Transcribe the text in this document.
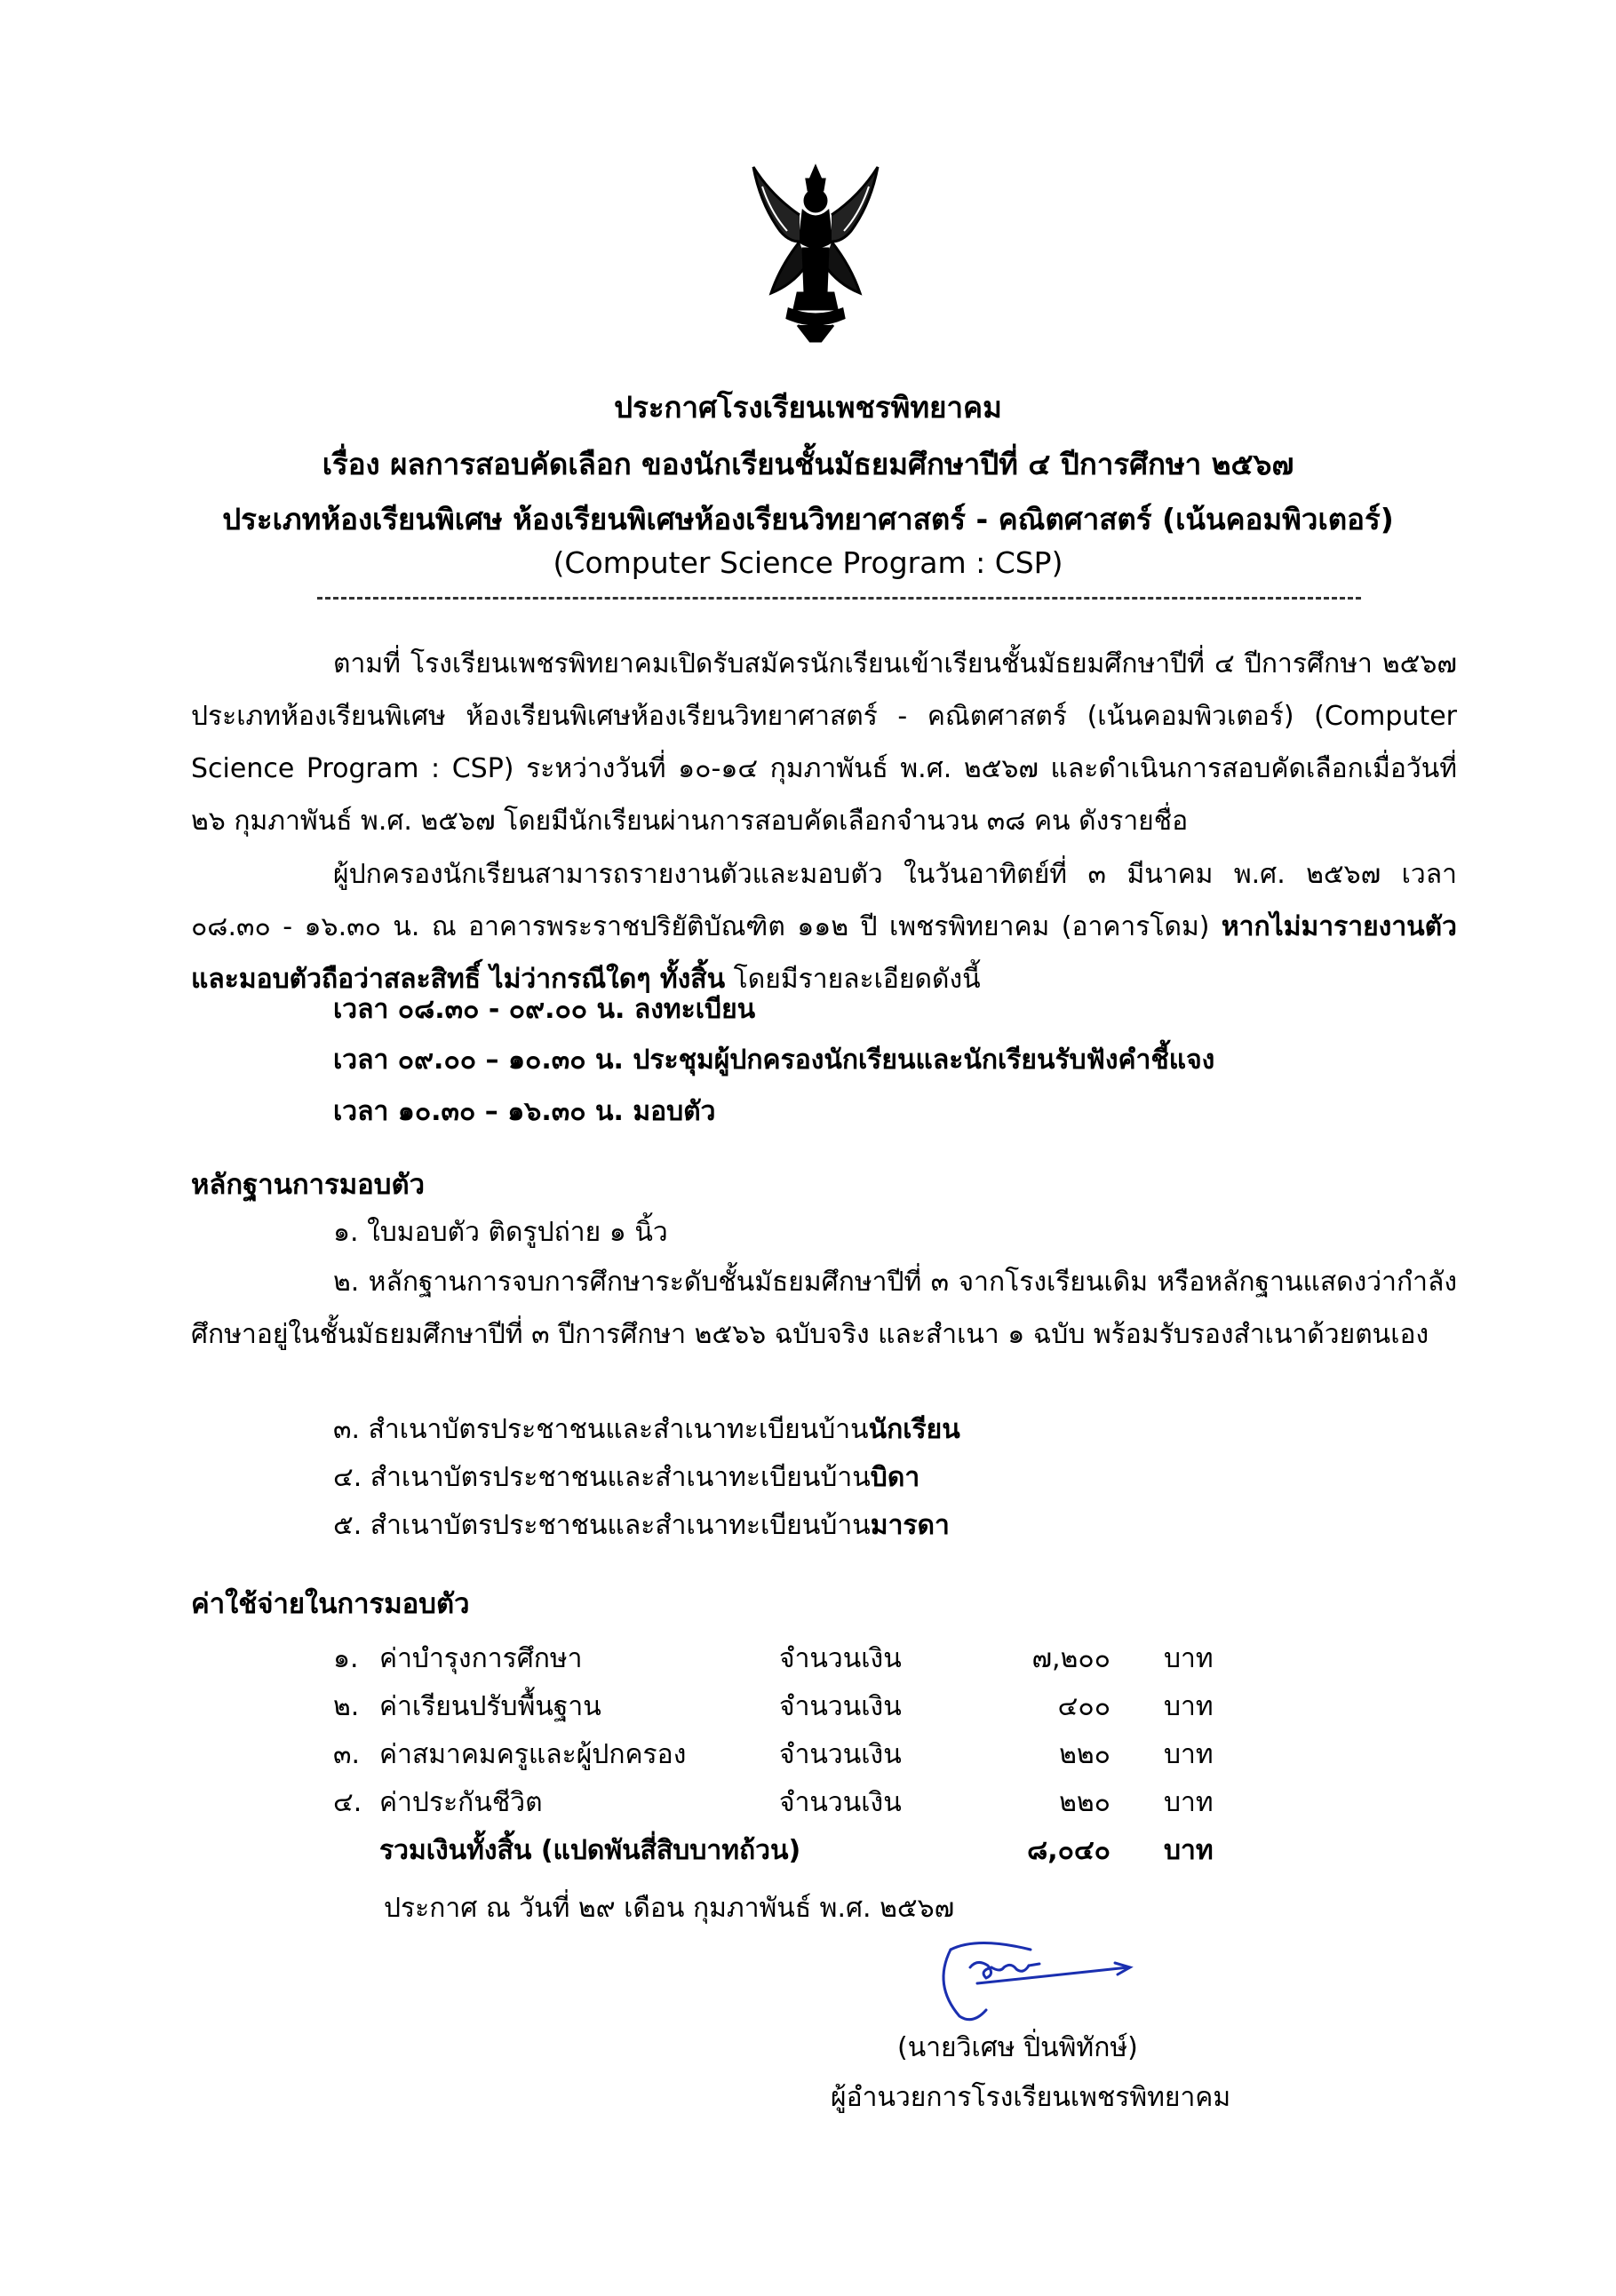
ประกาศโรงเรียนเพชรพิทยาคม
เรื่อง ผลการสอบคัดเลือก ของนักเรียนชั้นมัธยมศึกษาปีที่ ๔ ปีการศึกษา ๒๕๖๗
ประเภทห้องเรียนพิเศษ ห้องเรียนพิเศษห้องเรียนวิทยาศาสตร์ - คณิตศาสตร์ (เน้นคอมพิวเตอร์)
(Computer Science Program : CSP)
ตามที่ โรงเรียนเพชรพิทยาคมเปิดรับสมัครนักเรียนเข้าเรียนชั้นมัธยมศึกษาปีที่ ๔ ปีการศึกษา ๒๕๖๗ ประเภทห้องเรียนพิเศษ ห้องเรียนพิเศษห้องเรียนวิทยาศาสตร์ - คณิตศาสตร์ (เน้นคอมพิวเตอร์) (Computer Science Program : CSP) ระหว่างวันที่ ๑๐-๑๔ กุมภาพันธ์ พ.ศ. ๒๕๖๗ และดำเนินการสอบคัดเลือกเมื่อวันที่ ๒๖ กุมภาพันธ์ พ.ศ. ๒๕๖๗ โดยมีนักเรียนผ่านการสอบคัดเลือกจำนวน ๓๘ คน ดังรายชื่อ
ผู้ปกครองนักเรียนสามารถรายงานตัวและมอบตัว ในวันอาทิตย์ที่ ๓ มีนาคม พ.ศ. ๒๕๖๗ เวลา ๐๘.๓๐ - ๑๖.๓๐ น. ณ อาคารพระราชปริยัติบัณฑิต ๑๑๒ ปี เพชรพิทยาคม (อาคารโดม) หากไม่มารายงานตัวและมอบตัวถือว่าสละสิทธิ์ ไม่ว่ากรณีใดๆ ทั้งสิ้น โดยมีรายละเอียดดังนี้
เวลา ๐๘.๓๐ - ๐๙.๐๐ น. ลงทะเบียน
เวลา ๐๙.๐๐ – ๑๐.๓๐ น. ประชุมผู้ปกครองนักเรียนและนักเรียนรับฟังคำชี้แจง
เวลา ๑๐.๓๐ – ๑๖.๓๐ น. มอบตัว
หลักฐานการมอบตัว
๑. ใบมอบตัว ติดรูปถ่าย ๑ นิ้ว
๒. หลักฐานการจบการศึกษาระดับชั้นมัธยมศึกษาปีที่ ๓ จากโรงเรียนเดิม หรือหลักฐานแสดงว่ากำลังศึกษาอยู่ในชั้นมัธยมศึกษาปีที่ ๓ ปีการศึกษา ๒๕๖๖ ฉบับจริง และสำเนา ๑ ฉบับ พร้อมรับรองสำเนาด้วยตนเอง
๓. สำเนาบัตรประชาชนและสำเนาทะเบียนบ้านนักเรียน
๔. สำเนาบัตรประชาชนและสำเนาทะเบียนบ้านบิดา
๕. สำเนาบัตรประชาชนและสำเนาทะเบียนบ้านมารดา
ค่าใช้จ่ายในการมอบตัว
๑. ค่าบำรุงการศึกษา	จำนวนเงิน	๗,๒๐๐ บาท
๒. ค่าเรียนปรับพื้นฐาน	จำนวนเงิน	๔๐๐ บาท
๓. ค่าสมาคมครูและผู้ปกครอง	จำนวนเงิน	๒๒๐ บาท
๔. ค่าประกันชีวิต	จำนวนเงิน	๒๒๐ บาท
รวมเงินทั้งสิ้น (แปดพันสี่สิบบาทถ้วน)	๘,๐๔๐ บาท
ประกาศ ณ วันที่ ๒๙ เดือน กุมภาพันธ์ พ.ศ. ๒๕๖๗
(นายวิเศษ ปิ่นพิทักษ์)
ผู้อำนวยการโรงเรียนเพชรพิทยาคม
